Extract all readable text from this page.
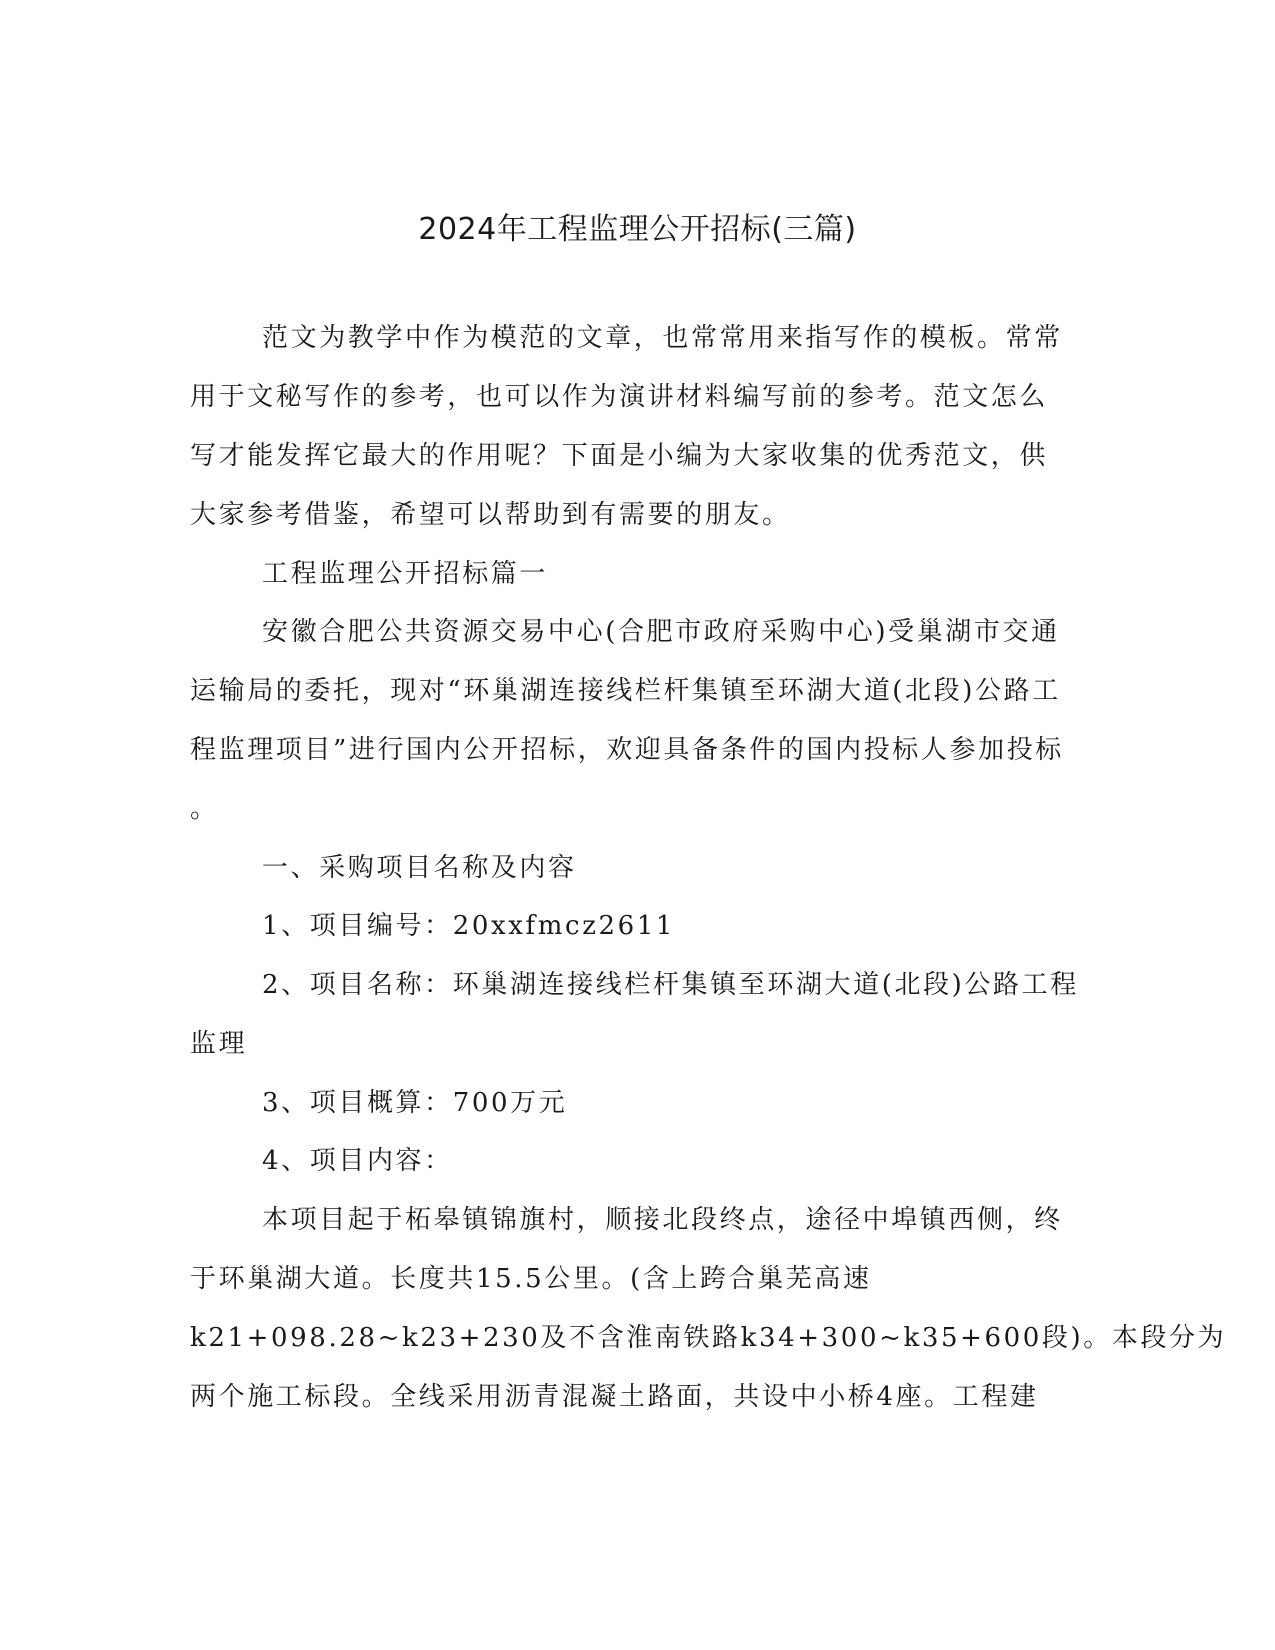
2024年工程监理公开招标(三篇)
范文为教学中作为模范的文章，也常常用来指写作的模板。常常
用于文秘写作的参考，也可以作为演讲材料编写前的参考。范文怎么
写才能发挥它最大的作用呢？下面是小编为大家收集的优秀范文，供
大家参考借鉴，希望可以帮助到有需要的朋友。
工程监理公开招标篇一
安徽合肥公共资源交易中心(合肥市政府采购中心)受巢湖市交通
运输局的委托，现对“环巢湖连接线栏杆集镇至环湖大道(北段)公路工
程监理项目”进行国内公开招标，欢迎具备条件的国内投标人参加投标
。
一、采购项目名称及内容
1、项目编号：20xxfmcz2611
2、项目名称：环巢湖连接线栏杆集镇至环湖大道(北段)公路工程
监理
3、项目概算：700万元
4、项目内容：
本项目起于柘皋镇锦旗村，顺接北段终点，途径中埠镇西侧，终
于环巢湖大道。长度共15.5公里。(含上跨合巢芜高速
k21+098.28~k23+230及不含淮南铁路k34+300~k35+600段)。本段分为
两个施工标段。全线采用沥青混凝土路面，共设中小桥4座。工程建
